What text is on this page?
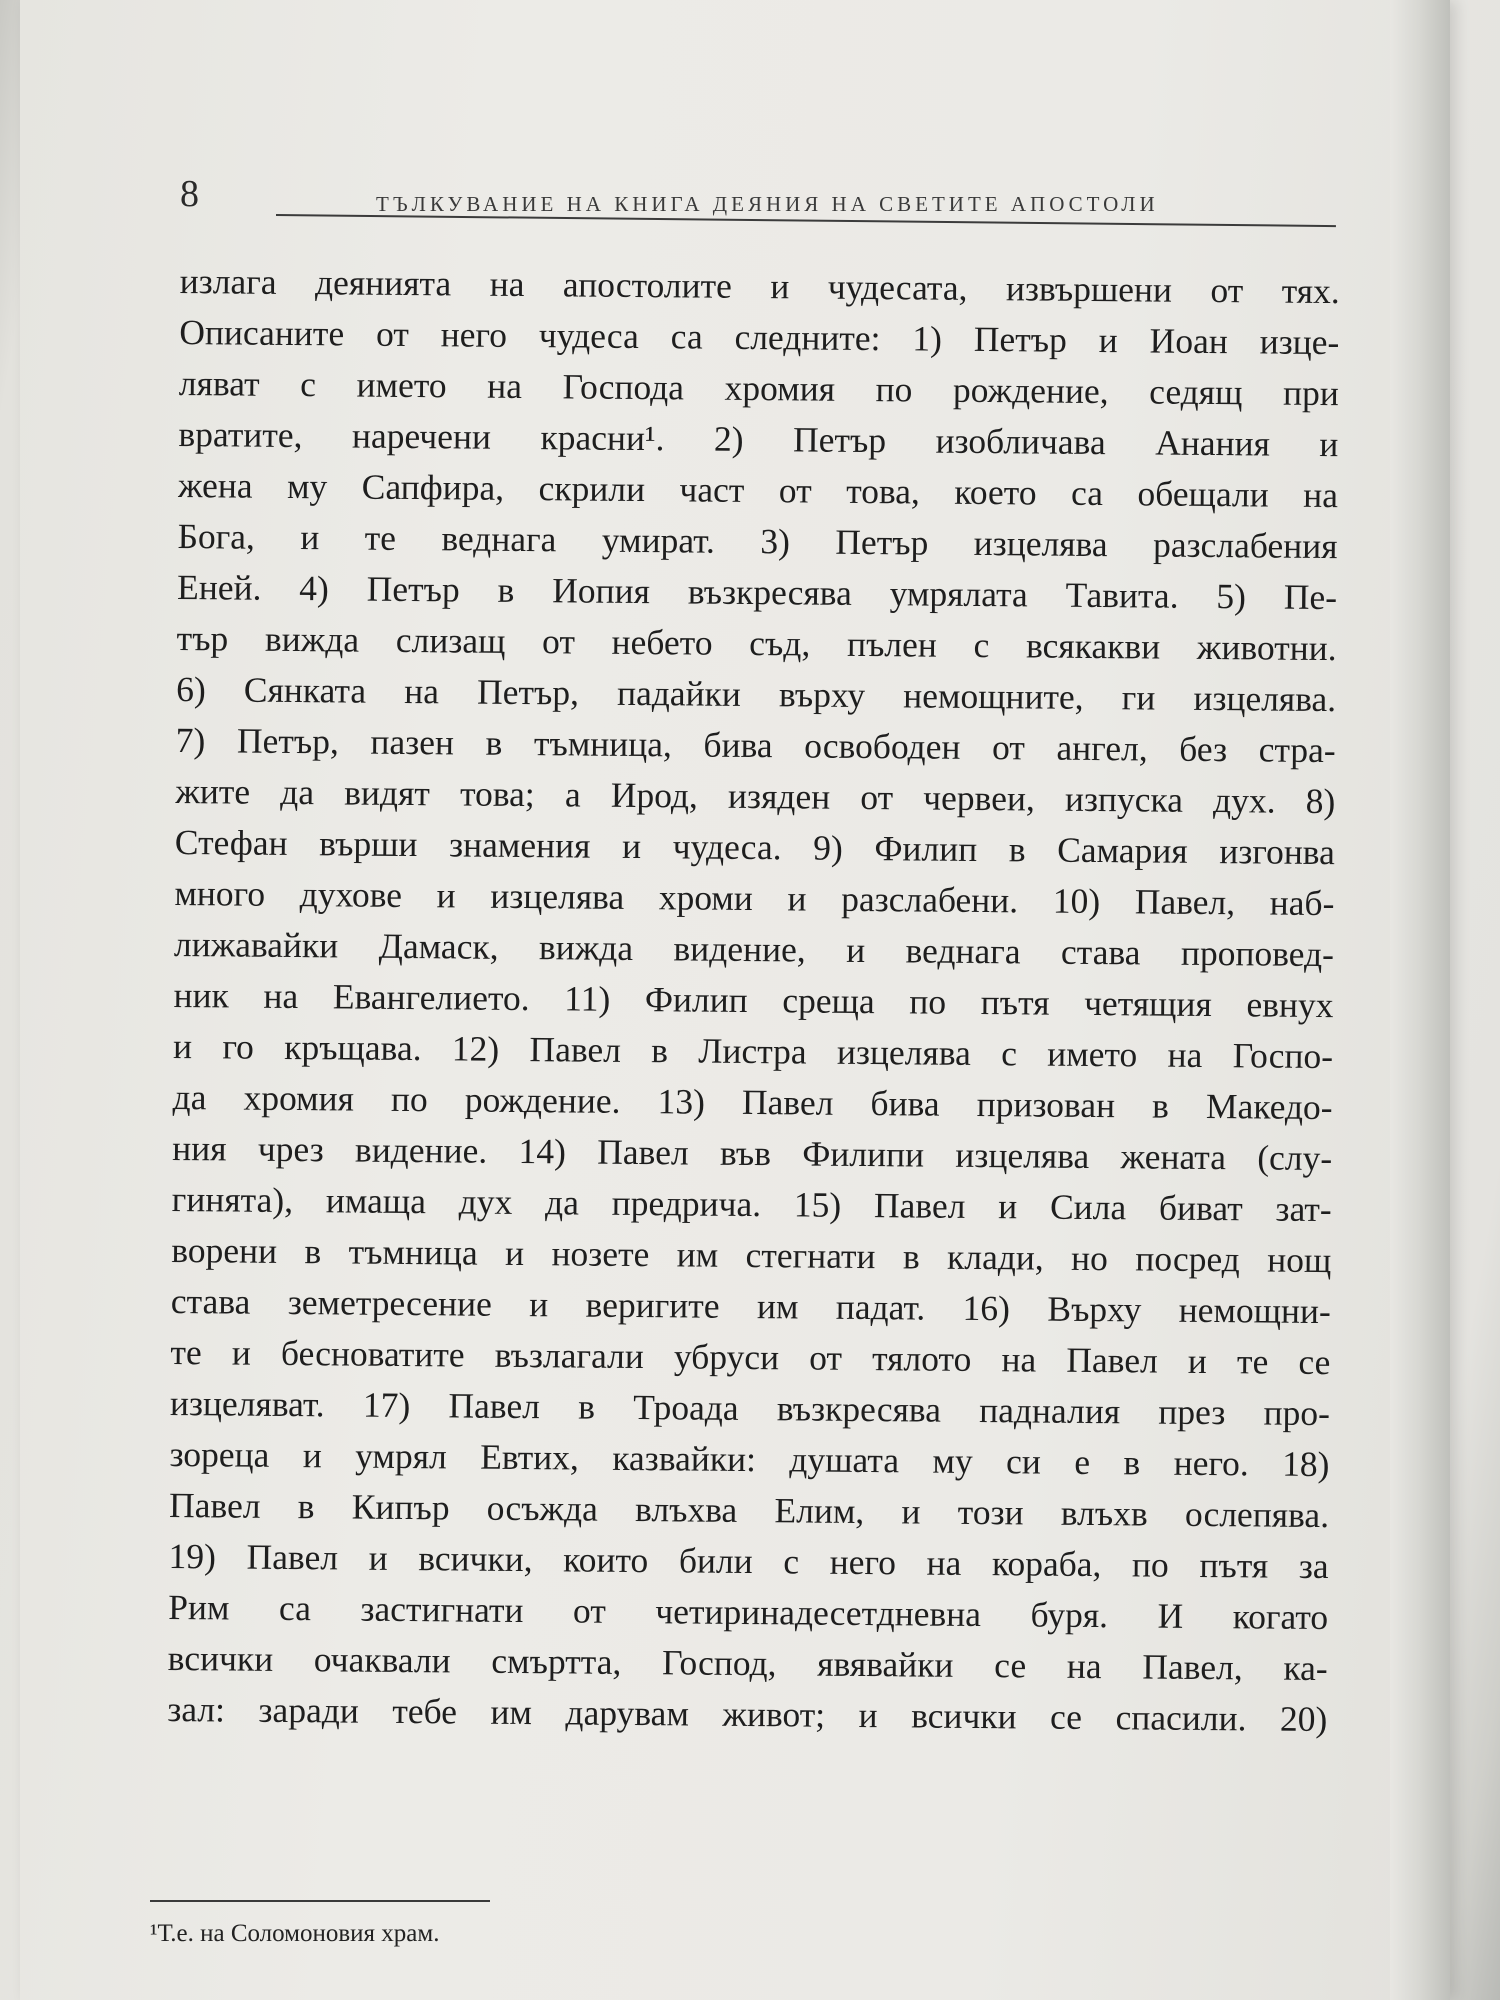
8	ТЪЛКУВАНИЕ НА КНИГА ДЕЯНИЯ НА СВЕТИТЕ АПОСТОЛИ
излага деянията на апостолите и чудесата, извършени от тях.
Описаните от него чудеса са следните: 1) Петър и Иоан изце-
ляват с името на Господа хромия по рождение, седящ при
вратите, наречени красни¹. 2) Петър изобличава Анания и
жена му Сапфира, скрили част от това, което са обещали на
Бога, и те веднага умират. 3) Петър изцелява разслабения
Еней. 4) Петър в Иопия възкресява умрялата Тавита. 5) Пе-
тър вижда слизащ от небето съд, пълен с всякакви животни.
6) Сянката на Петър, падайки върху немощните, ги изцелява.
7) Петър, пазен в тъмница, бива освободен от ангел, без стра-
жите да видят това; а Ирод, изяден от червеи, изпуска дух. 8)
Стефан върши знамения и чудеса. 9) Филип в Самария изгонва
много духове и изцелява хроми и разслабени. 10) Павел, наб-
лижавайки Дамаск, вижда видение, и веднага става проповед-
ник на Евангелието. 11) Филип среща по пътя четящия евнух
и го кръщава. 12) Павел в Листра изцелява с името на Госпо-
да хромия по рождение. 13) Павел бива призован в Македо-
ния чрез видение. 14) Павел във Филипи изцелява жената (слу-
гинята), имаща дух да предрича. 15) Павел и Сила биват зат-
ворени в тъмница и нозете им стегнати в клади, но посред нощ
става земетресение и веригите им падат. 16) Върху немощни-
те и бесноватите възлагали убруси от тялото на Павел и те се
изцеляват. 17) Павел в Троада възкресява падналия през про-
зореца и умрял Евтих, казвайки: душата му си е в него. 18)
Павел в Кипър осъжда влъхва Елим, и този влъхв ослепява.
19) Павел и всички, които били с него на кораба, по пътя за
Рим са застигнати от четиринадесетдневна буря. И когато
всички очаквали смъртта, Господ, явявайки се на Павел, ка-
зал: заради тебе им дарувам живот; и всички се спасили. 20)
¹Т.е. на Соломоновия храм.
